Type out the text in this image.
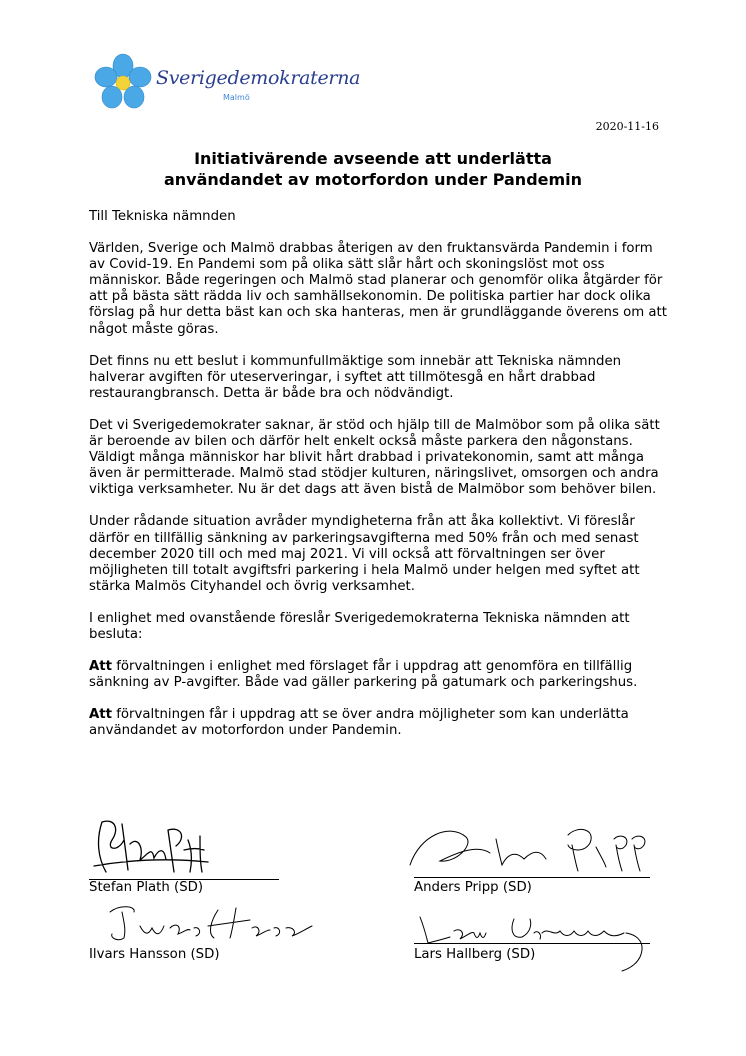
Sverigedemokraterna
Malmö
2020-11-16
Initiativärende avseende att underlätta
användandet av motorfordon under Pandemin

Till Tekniska nämnden

Världen, Sverige och Malmö drabbas återigen av den fruktansvärda Pandemin i form av Covid-19. En Pandemi som på olika sätt slår hårt och skoningslöst mot oss människor. Både regeringen och Malmö stad planerar och genomför olika åtgärder för att på bästa sätt rädda liv och samhällsekonomin. De politiska partier har dock olika förslag på hur detta bäst kan och ska hanteras, men är grundläggande överens om att något måste göras.

Det finns nu ett beslut i kommunfullmäktige som innebär att Tekniska nämnden halverar avgiften för uteserveringar, i syftet att tillmötesgå en hårt drabbad restaurangbransch. Detta är både bra och nödvändigt.

Det vi Sverigedemokrater saknar, är stöd och hjälp till de Malmöbor som på olika sätt är beroende av bilen och därför helt enkelt också måste parkera den någonstans. Väldigt många människor har blivit hårt drabbad i privatekonomin, samt att många även är permitterade. Malmö stad stödjer kulturen, näringslivet, omsorgen och andra viktiga verksamheter. Nu är det dags att även bistå de Malmöbor som behöver bilen.

Under rådande situation avråder myndigheterna från att åka kollektivt. Vi föreslår därför en tillfällig sänkning av parkeringsavgifterna med 50% från och med senast december 2020 till och med maj 2021. Vi vill också att förvaltningen ser över möjligheten till totalt avgiftsfri parkering i hela Malmö under helgen med syftet att stärka Malmös Cityhandel och övrig verksamhet.

I enlighet med ovanstående föreslår Sverigedemokraterna Tekniska nämnden att besluta:

Att förvaltningen i enlighet med förslaget får i uppdrag att genomföra en tillfällig sänkning av P-avgifter. Både vad gäller parkering på gatumark och parkeringshus.

Att förvaltningen får i uppdrag att se över andra möjligheter som kan underlätta användandet av motorfordon under Pandemin.

Stefan Plath (SD)	Anders Pripp (SD)
Ilvars Hansson (SD)	Lars Hallberg (SD)
